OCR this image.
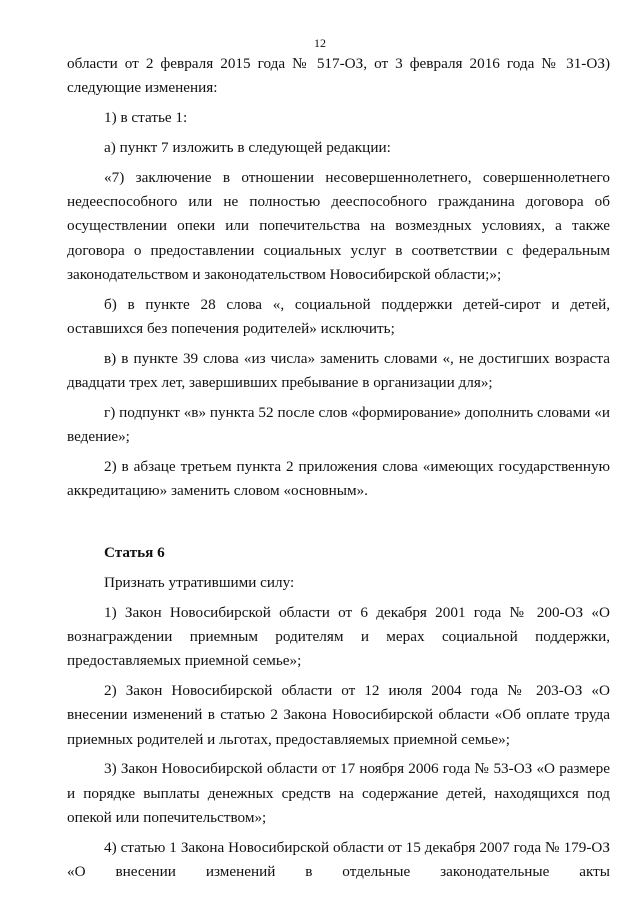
12

области от 2 февраля 2015 года № 517-ОЗ, от 3 февраля 2016 года № 31-ОЗ) следующие изменения:

1) в статье 1:

а) пункт 7 изложить в следующей редакции:

«7) заключение в отношении несовершеннолетнего, совершеннолетнего недееспособного или не полностью дееспособного гражданина договора об осуществлении опеки или попечительства на возмездных условиях, а также договора о предоставлении социальных услуг в соответствии с федеральным законодательством и законодательством Новосибирской области;»;

б) в пункте 28 слова «, социальной поддержки детей-сирот и детей, оставшихся без попечения родителей» исключить;

в) в пункте 39 слова «из числа» заменить словами «, не достигших возраста двадцати трех лет, завершивших пребывание в организации для»;

г) подпункт «в» пункта 52 после слов «формирование» дополнить словами «и ведение»;

2) в абзаце третьем пункта 2 приложения слова «имеющих государственную аккредитацию» заменить словом «основным».

Статья 6

Признать утратившими силу:

1) Закон Новосибирской области от 6 декабря 2001 года № 200-ОЗ «О вознаграждении приемным родителям и мерах социальной поддержки, предоставляемых приемной семье»;

2) Закон Новосибирской области от 12 июля 2004 года № 203-ОЗ «О внесении изменений в статью 2 Закона Новосибирской области «Об оплате труда приемных родителей и льготах, предоставляемых приемной семье»;

3) Закон Новосибирской области от 17 ноября 2006 года № 53-ОЗ «О размере и порядке выплаты денежных средств на содержание детей, находящихся под опекой или попечительством»;

4) статью 1 Закона Новосибирской области от 15 декабря 2007 года № 179-ОЗ «О внесении изменений в отдельные законодательные акты
